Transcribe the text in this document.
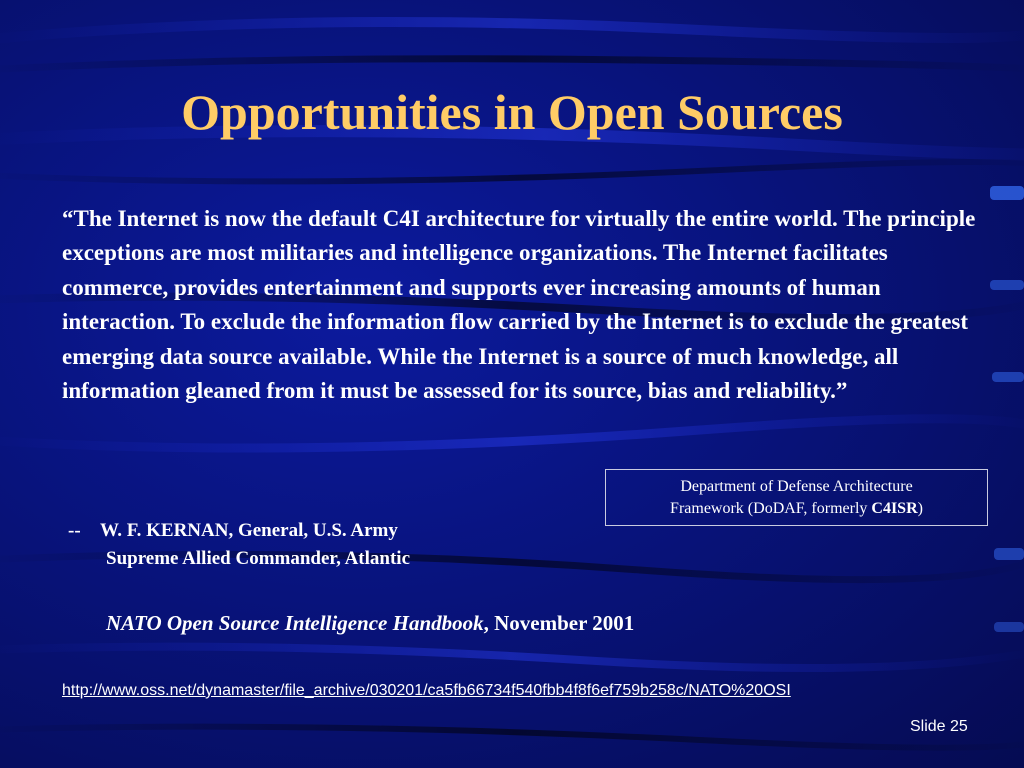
Opportunities in Open Sources

“The Internet is now the default C4I architecture for virtually the entire world. The principle exceptions are most militaries and intelligence organizations. The Internet facilitates commerce, provides entertainment and supports ever increasing amounts of human interaction. To exclude the information flow carried by the Internet is to exclude the greatest emerging data source available. While the Internet is a source of much knowledge, all information gleaned from it must be assessed for its source, bias and reliability.”

Department of Defense Architecture
Framework (DoDAF, formerly C4ISR)
-- W. F. KERNAN, General, U.S. Army
Supreme Allied Commander, Atlantic
NATO Open Source Intelligence Handbook, November 2001
http://www.oss.net/dynamaster/file_archive/030201/ca5fb66734f540fbb4f8f6ef759b258c/NATO%20OSI
Slide 25
